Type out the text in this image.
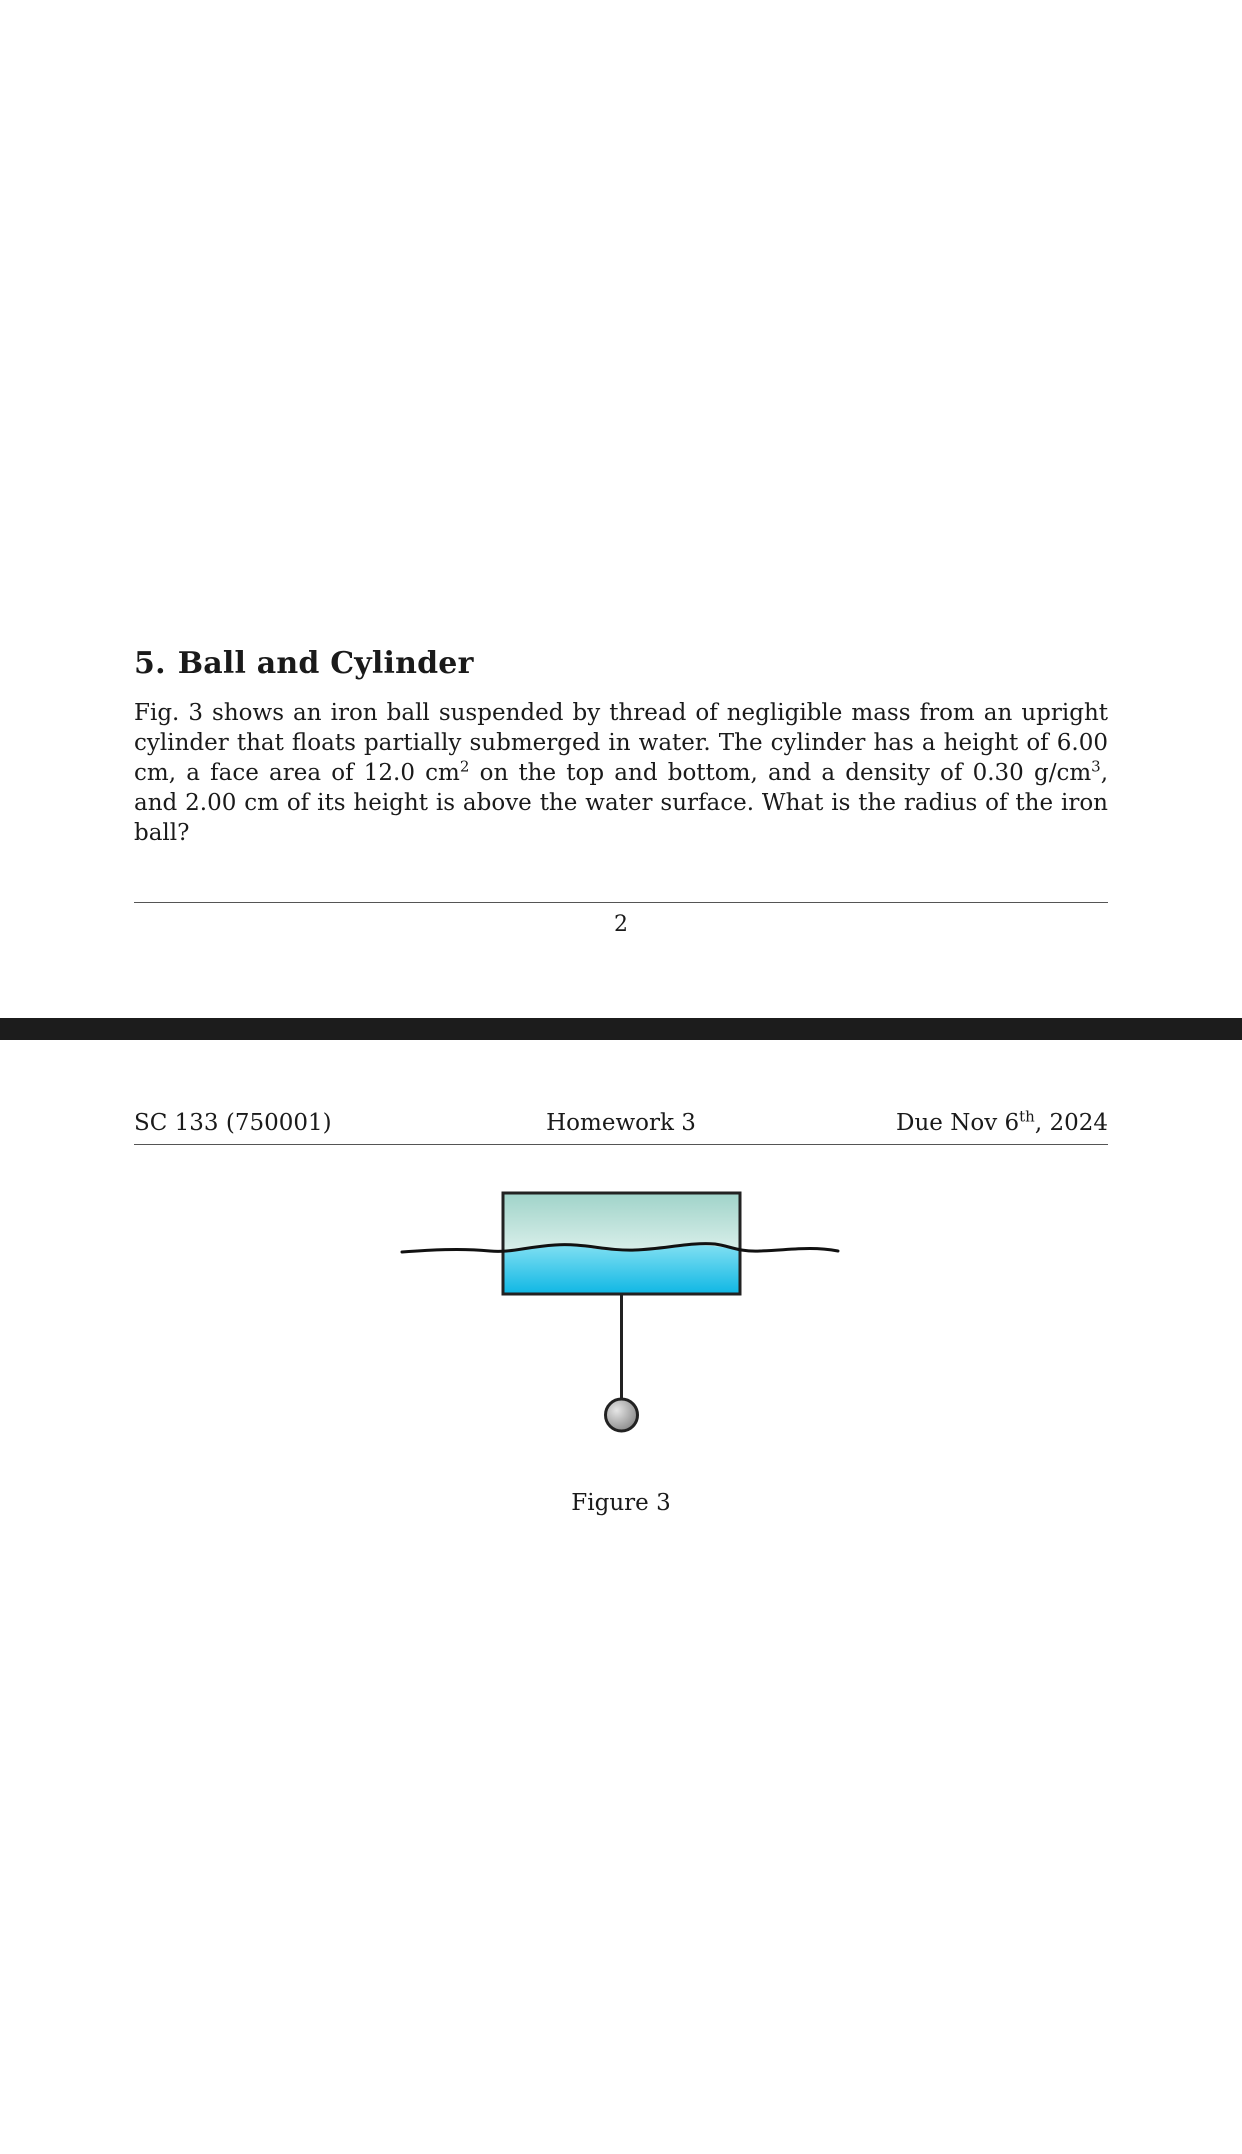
5. Ball and Cylinder

Fig. 3 shows an iron ball suspended by thread of negligible mass from an upright cylinder that floats partially submerged in water. The cylinder has a height of 6.00 cm, a face area of 12.0 $cm^2$ on the top and bottom, and a density of 0.30 $g/cm^3$, and 2.00 cm of its height is above the water surface. What is the radius of the iron ball?

2
SC 133 (750001)	Homework 3	Due Nov 6th, 2024
Figure 3
